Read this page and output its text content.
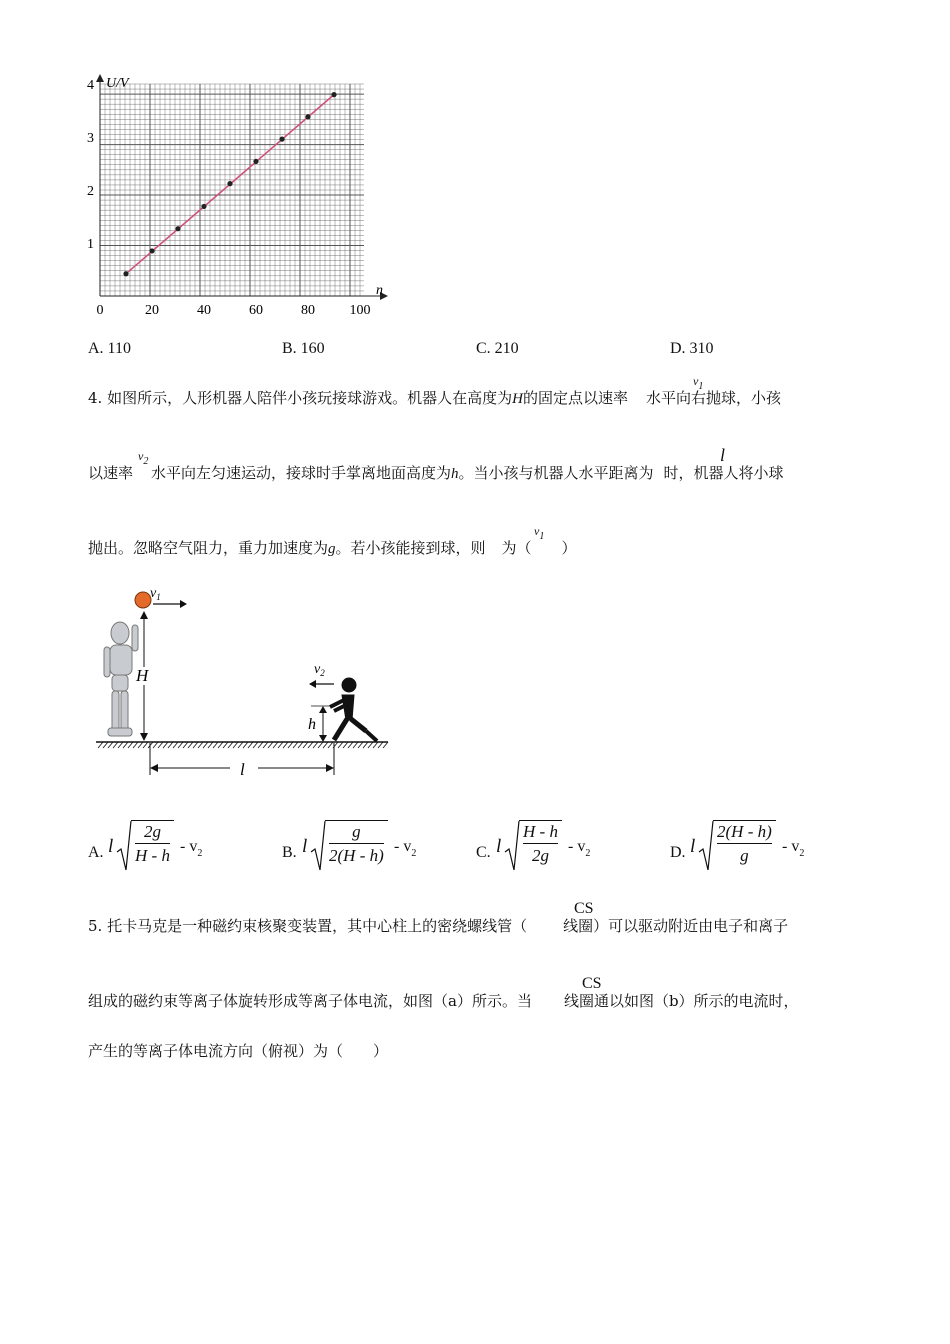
0	20	40	60	80 100
1
2
3
4 U/V
n
A. 110	B. 160	C. 210	D. 310
4. 如图所示，人形机器人陪伴小孩玩接球游戏。机器人在高度为H的固定点以速率 水平向右抛球，小孩
$v_1$
以速率 水平向左匀速运动，接球时手掌离地面高度为h。当小孩与机器人水平距离为 时，机器人将小球
$v_2$	l
抛出。忽略空气阻力，重力加速度为g。若小孩能接到球，则 为（　　）
$v_1$
$v_1$
H	$v_2$
h
l
A. l
2g
H - h - $v_2$	B. l
g
$2(H - h) - v_2$	C. l
H - h
2g	- $v_2$	D. l
2(H - h)
g	- $v_2$
5. 托卡马克是一种磁约束核聚变装置，其中心柱上的密绕螺线管（ 线圈）可以驱动附近由电子和离子
CS
组成的磁约束等离子体旋转形成等离子体电流，如图（a）所示。当 线圈通以如图（b）所示的电流时，
CS
产生的等离子体电流方向（俯视）为（　　）
